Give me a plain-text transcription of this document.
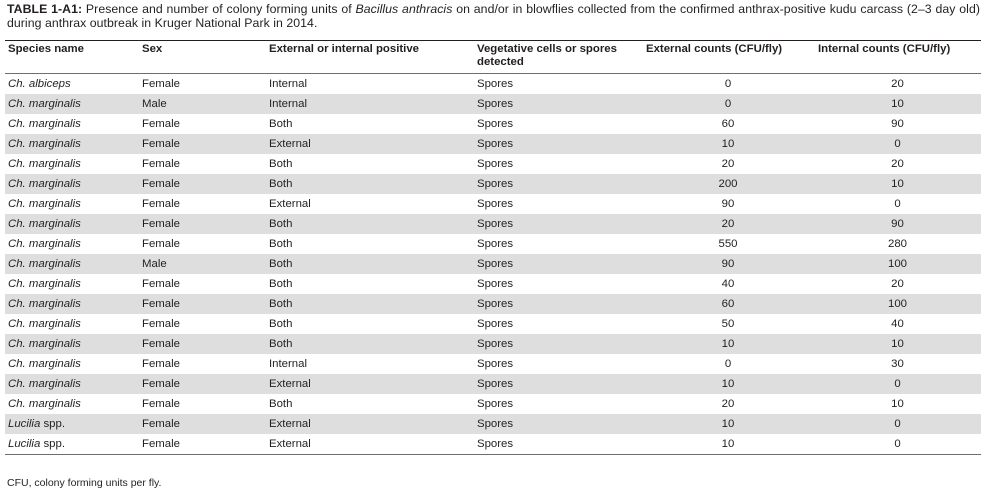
TABLE 1-A1: Presence and number of colony forming units of Bacillus anthracis on and/or in blowflies collected from the confirmed anthrax-positive kudu carcass (2–3 day old) during anthrax outbreak in Kruger National Park in 2014.
Species name	Sex	External or internal positive	Vegetative cells or spores detected	External counts (CFU/fly)	Internal counts (CFU/fly)
Ch. albiceps	Female	Internal	Spores	0	20
Ch. marginalis	Male	Internal	Spores	0	10
Ch. marginalis	Female	Both	Spores	60	90
Ch. marginalis	Female	External	Spores	10	0
Ch. marginalis	Female	Both	Spores	20	20
Ch. marginalis	Female	Both	Spores	200	10
Ch. marginalis	Female	External	Spores	90	0
Ch. marginalis	Female	Both	Spores	20	90
Ch. marginalis	Female	Both	Spores	550	280
Ch. marginalis	Male	Both	Spores	90	100
Ch. marginalis	Female	Both	Spores	40	20
Ch. marginalis	Female	Both	Spores	60	100
Ch. marginalis	Female	Both	Spores	50	40
Ch. marginalis	Female	Both	Spores	10	10
Ch. marginalis	Female	Internal	Spores	0	30
Ch. marginalis	Female	External	Spores	10	0
Ch. marginalis	Female	Both	Spores	20	10
Lucilia spp.	Female	External	Spores	10	0
Lucilia spp.	Female	External	Spores	10	0
CFU, colony forming units per fly.
